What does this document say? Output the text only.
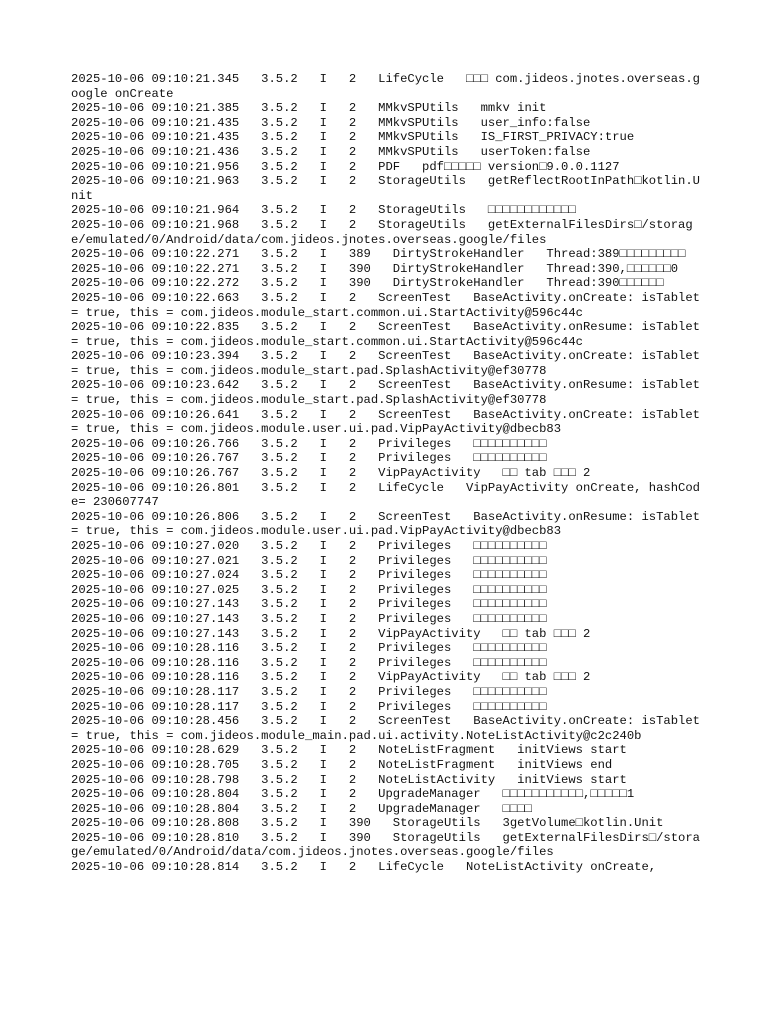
2025-10-06 09:10:21.345   3.5.2   I   2   LifeCycle   □□□ com.jideos.jnotes.overseas.google onCreate
2025-10-06 09:10:21.385   3.5.2   I   2   MMkvSPUtils   mmkv init
2025-10-06 09:10:21.435   3.5.2   I   2   MMkvSPUtils   user_info:false
2025-10-06 09:10:21.435   3.5.2   I   2   MMkvSPUtils   IS_FIRST_PRIVACY:true
2025-10-06 09:10:21.436   3.5.2   I   2   MMkvSPUtils   userToken:false
2025-10-06 09:10:21.956   3.5.2   I   2   PDF   pdf□□□□□ version□9.0.0.1127
2025-10-06 09:10:21.963   3.5.2   I   2   StorageUtils   getReflectRootInPath□kotlin.Unit
2025-10-06 09:10:21.964   3.5.2   I   2   StorageUtils   □□□□□□□□□□□□
2025-10-06 09:10:21.968   3.5.2   I   2   StorageUtils   getExternalFilesDirs□/storage/emulated/0/Android/data/com.jideos.jnotes.overseas.google/files
2025-10-06 09:10:22.271   3.5.2   I   389   DirtyStrokeHandler   Thread:389□□□□□□□□□
2025-10-06 09:10:22.271   3.5.2   I   390   DirtyStrokeHandler   Thread:390,□□□□□□0
2025-10-06 09:10:22.272   3.5.2   I   390   DirtyStrokeHandler   Thread:390□□□□□□
2025-10-06 09:10:22.663   3.5.2   I   2   ScreenTest   BaseActivity.onCreate: isTablet = true, this = com.jideos.module_start.common.ui.StartActivity@596c44c
2025-10-06 09:10:22.835   3.5.2   I   2   ScreenTest   BaseActivity.onResume: isTablet = true, this = com.jideos.module_start.common.ui.StartActivity@596c44c
2025-10-06 09:10:23.394   3.5.2   I   2   ScreenTest   BaseActivity.onCreate: isTablet = true, this = com.jideos.module_start.pad.SplashActivity@ef30778
2025-10-06 09:10:23.642   3.5.2   I   2   ScreenTest   BaseActivity.onResume: isTablet = true, this = com.jideos.module_start.pad.SplashActivity@ef30778
2025-10-06 09:10:26.641   3.5.2   I   2   ScreenTest   BaseActivity.onCreate: isTablet = true, this = com.jideos.module.user.ui.pad.VipPayActivity@dbecb83
2025-10-06 09:10:26.766   3.5.2   I   2   Privileges   □□□□□□□□□□
2025-10-06 09:10:26.767   3.5.2   I   2   Privileges   □□□□□□□□□□
2025-10-06 09:10:26.767   3.5.2   I   2   VipPayActivity   □□ tab □□□ 2
2025-10-06 09:10:26.801   3.5.2   I   2   LifeCycle   VipPayActivity onCreate, hashCode= 230607747
2025-10-06 09:10:26.806   3.5.2   I   2   ScreenTest   BaseActivity.onResume: isTablet = true, this = com.jideos.module.user.ui.pad.VipPayActivity@dbecb83
2025-10-06 09:10:27.020   3.5.2   I   2   Privileges   □□□□□□□□□□
2025-10-06 09:10:27.021   3.5.2   I   2   Privileges   □□□□□□□□□□
2025-10-06 09:10:27.024   3.5.2   I   2   Privileges   □□□□□□□□□□
2025-10-06 09:10:27.025   3.5.2   I   2   Privileges   □□□□□□□□□□
2025-10-06 09:10:27.143   3.5.2   I   2   Privileges   □□□□□□□□□□
2025-10-06 09:10:27.143   3.5.2   I   2   Privileges   □□□□□□□□□□
2025-10-06 09:10:27.143   3.5.2   I   2   VipPayActivity   □□ tab □□□ 2
2025-10-06 09:10:28.116   3.5.2   I   2   Privileges   □□□□□□□□□□
2025-10-06 09:10:28.116   3.5.2   I   2   Privileges   □□□□□□□□□□
2025-10-06 09:10:28.116   3.5.2   I   2   VipPayActivity   □□ tab □□□ 2
2025-10-06 09:10:28.117   3.5.2   I   2   Privileges   □□□□□□□□□□
2025-10-06 09:10:28.117   3.5.2   I   2   Privileges   □□□□□□□□□□
2025-10-06 09:10:28.456   3.5.2   I   2   ScreenTest   BaseActivity.onCreate: isTablet = true, this = com.jideos.module_main.pad.ui.activity.NoteListActivity@c2c240b
2025-10-06 09:10:28.629   3.5.2   I   2   NoteListFragment   initViews start
2025-10-06 09:10:28.705   3.5.2   I   2   NoteListFragment   initViews end
2025-10-06 09:10:28.798   3.5.2   I   2   NoteListActivity   initViews start
2025-10-06 09:10:28.804   3.5.2   I   2   UpgradeManager   □□□□□□□□□□□,□□□□□1
2025-10-06 09:10:28.804   3.5.2   I   2   UpgradeManager   □□□□
2025-10-06 09:10:28.808   3.5.2   I   390   StorageUtils   3getVolume□kotlin.Unit
2025-10-06 09:10:28.810   3.5.2   I   390   StorageUtils   getExternalFilesDirs□/storage/emulated/0/Android/data/com.jideos.jnotes.overseas.google/files
2025-10-06 09:10:28.814   3.5.2   I   2   LifeCycle   NoteListActivity onCreate,
